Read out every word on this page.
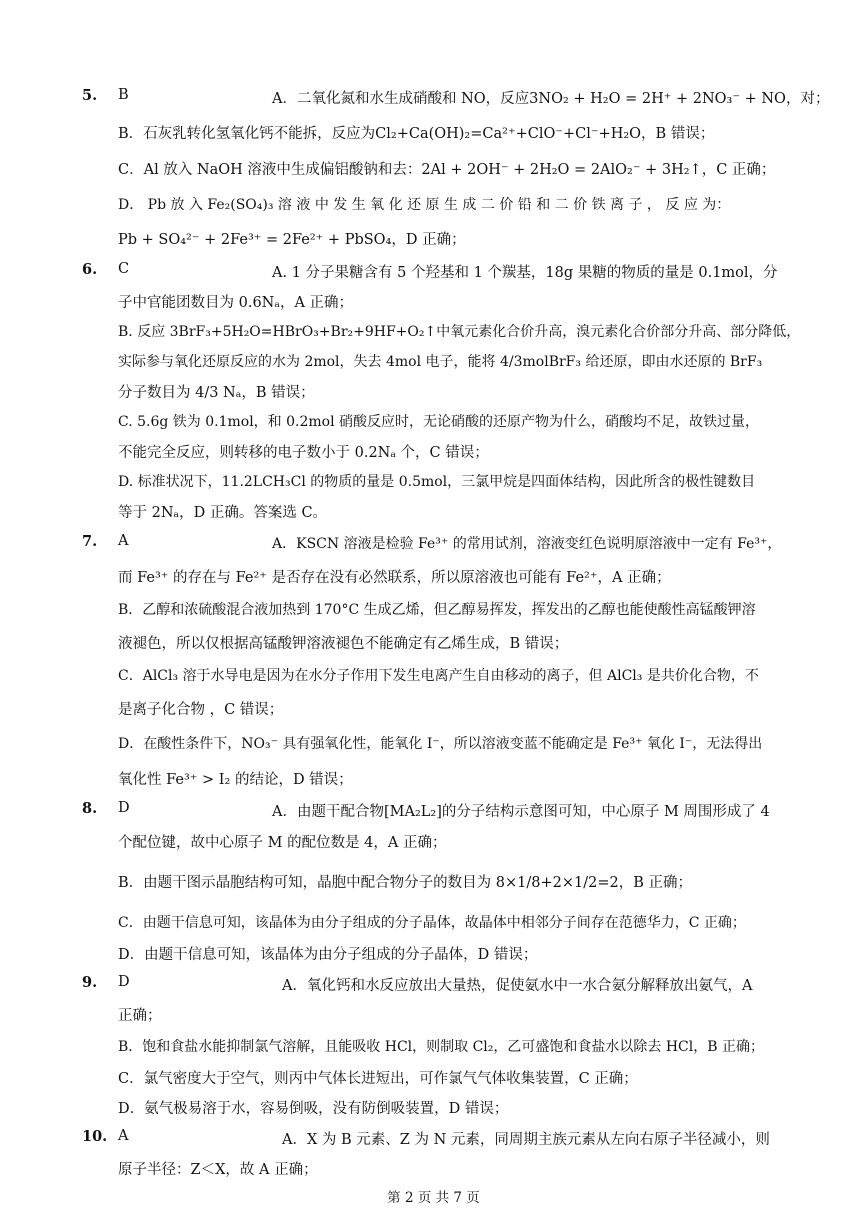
5. B	A．二氧化氮和水生成硝酸和 NO，反应3NO₂ + H₂O = 2H⁺ + 2NO₃⁻ + NO，对；
B．石灰乳转化氢氧化钙不能拆，反应为Cl₂+Ca(OH)₂=Ca²⁺+ClO⁻+Cl⁻+H₂O，B 错误；
C．Al 放入 NaOH 溶液中生成偏铝酸钠和去：2Al + 2OH⁻ + 2H₂O = 2AlO₂⁻ + 3H₂↑，C 正确；
D． Pb 放 入 Fe₂(SO₄)₃ 溶 液 中 发 生 氧 化 还 原 生 成 二 价 铅 和 二 价 铁 离 子 ， 反 应 为：
Pb + SO₄²⁻ + 2Fe³⁺ = 2Fe²⁺ + PbSO₄，D 正确；
6. C	A. 1 分子果糖含有 5 个羟基和 1 个羰基，18g 果糖的物质的量是 0.1mol，分
子中官能团数目为 0.6Nₐ，A 正确；
B. 反应 3BrF₃+5H₂O=HBrO₃+Br₂+9HF+O₂↑中氧元素化合价升高，溴元素化合价部分升高、部分降低，
实际参与氧化还原反应的水为 2mol，失去 4mol 电子，能将 4/3molBrF₃ 给还原，即由水还原的 BrF₃
分子数目为 4/3 Nₐ，B 错误；
C. 5.6g 铁为 0.1mol，和 0.2mol 硝酸反应时，无论硝酸的还原产物为什么，硝酸均不足，故铁过量，
不能完全反应，则转移的电子数小于 0.2Nₐ 个，C 错误；
D. 标准状况下，11.2LCH₃Cl 的物质的量是 0.5mol，三氯甲烷是四面体结构，因此所含的极性键数目
等于 2Nₐ，D 正确。答案选 C。
7. A	A．KSCN 溶液是检验 Fe³⁺ 的常用试剂，溶液变红色说明原溶液中一定有 Fe³⁺，
而 Fe³⁺ 的存在与 Fe²⁺ 是否存在没有必然联系，所以原溶液也可能有 Fe²⁺，A 正确；
B．乙醇和浓硫酸混合液加热到 170°C 生成乙烯，但乙醇易挥发，挥发出的乙醇也能使酸性高锰酸钾溶
液褪色，所以仅根据高锰酸钾溶液褪色不能确定有乙烯生成，B 错误；
C．AlCl₃ 溶于水导电是因为在水分子作用下发生电离产生自由移动的离子，但 AlCl₃ 是共价化合物，不
是离子化合物 ，C 错误；
D．在酸性条件下，NO₃⁻ 具有强氧化性，能氧化 I⁻，所以溶液变蓝不能确定是 Fe³⁺ 氧化 I⁻，无法得出
氧化性 Fe³⁺ > I₂ 的结论，D 错误；
8. D	A．由题干配合物[MA₂L₂]的分子结构示意图可知，中心原子 M 周围形成了 4
个配位键，故中心原子 M 的配位数是 4，A 正确；
B．由题干图示晶胞结构可知，晶胞中配合物分子的数目为 8×1/8+2×1/2=2，B 正确；
C．由题干信息可知，该晶体为由分子组成的分子晶体，故晶体中相邻分子间存在范德华力，C 正确；
D．由题干信息可知，该晶体为由分子组成的分子晶体，D 错误；
9. D	A．氧化钙和水反应放出大量热，促使氨水中一水合氨分解释放出氨气，A
正确；
B．饱和食盐水能抑制氯气溶解，且能吸收 HCl，则制取 Cl₂，乙可盛饱和食盐水以除去 HCl，B 正确；
C．氯气密度大于空气，则丙中气体长进短出，可作氯气气体收集装置，C 正确；
D．氨气极易溶于水，容易倒吸，没有防倒吸装置，D 错误；
10. A	A．X 为 B 元素、Z 为 N 元素，同周期主族元素从左向右原子半径减小，则
原子半径：Z＜X，故 A 正确；
第 2 页 共 7 页
